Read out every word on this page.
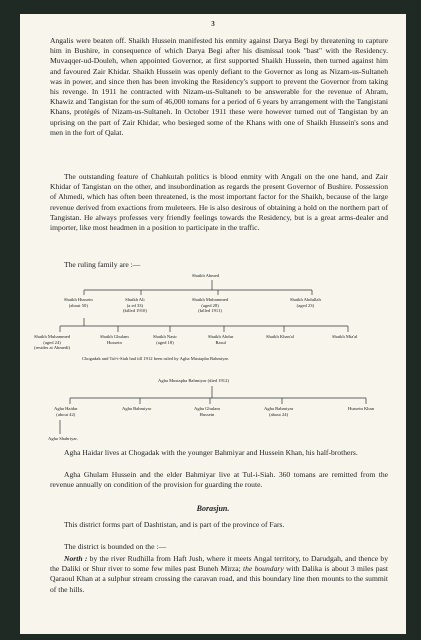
3

Angalis were beaten off. Shaikh Hussein manifested his enmity against Darya Begi by threatening to capture him in Bushire, in consequence of which Darya Begi after his dismissal took "bast" with the Residency. Muvaqqer-ud-Douleh, when appointed Governor, at first supported Shaikh Hussein, then turned against him and favoured Zair Khidar. Shaikh Hussein was openly defiant to the Governor as long as Nizam-us-Sultaneh was in power, and since then has been invoking the Residency's support to prevent the Governor from taking his revenge. In 1911 he contracted with Nizam-us-Sultaneh to be answerable for the revenue of Ahram, Khawiz and Tangistan for the sum of 46,000 tomans for a period of 6 years by arrangement with the Tangistani Khans, protégés of Nizam-us-Sultaneh. In October 1911 these were however turned out of Tangistan by an uprising on the part of Zair Khidar, who besieged some of the Khans with one of Shaikh Hussein's sons and men in the fort of Qalat.

The outstanding feature of Chahkutah politics is blood enmity with Angali on the one hand, and Zair Khidar of Tangistan on the other, and insubordination as regards the present Governor of Bushire. Possession of Ahmedi, which has often been threatened, is the most important factor for the Shaikh, because of the large revenue derived from exactions from muleteers. He is also desirous of obtaining a hold on the northern part of Tangistan. He always professes very friendly feelings towards the Residency, but is a great arms-dealer and importer, like most headmen in a position to participate in the traffic.

The ruling family are :—

Shaikh Ahmed
Shaikh Hussein
(about 50)
Shaikh Ali
(a ed 33)
(killed 1910)
Shaikh Muhammed
(aged 28)
(killed 1911)
Shaikh Abdullah
(aged 23)
Shaikh Muhammed
(aged 24)
(resides at Ahmedi)
Shaikh Ghulam
Hussein
Shaikh Nasir
(aged 18)
Shaikh Abdur
Rasul
Shaikh Khan'al	Shaikh Mia'al
Chogadak and Tul-i-Siah had till 1912 been ruled by Agha Mustapha Bahmiyar.
Agha Mustapha Bahmiyar (died 1912)
Agha Haidar
(about 42)
Agha Bahmiyar	Agha Ghulam
Hussein
Agha Bahmiyar
(about 24)
Hussein Khan
Agha Shahriyar.

Agha Haidar lives at Chogadak with the younger Bahmiyar and Hussein Khan, his half-brothers.

Agha Ghulam Hussein and the elder Bahmiyar live at Tul-i-Siah. 360 tomans are remitted from the revenue annually on condition of the provision for guarding the route.

Borasjun.

This district forms part of Dashtistan, and is part of the province of Fars.

The district is bounded on the :—

North : by the river Rudhilla from Haft Jush, where it meets Angal territory, to Darudgah, and thence by the Daliki or Shur river to some few miles past Buneh Mirza; the boundary with Dalika is about 3 miles past Qaraoul Khan at a sulphur stream crossing the caravan road, and this boundary line then mounts to the summit of the hills.
